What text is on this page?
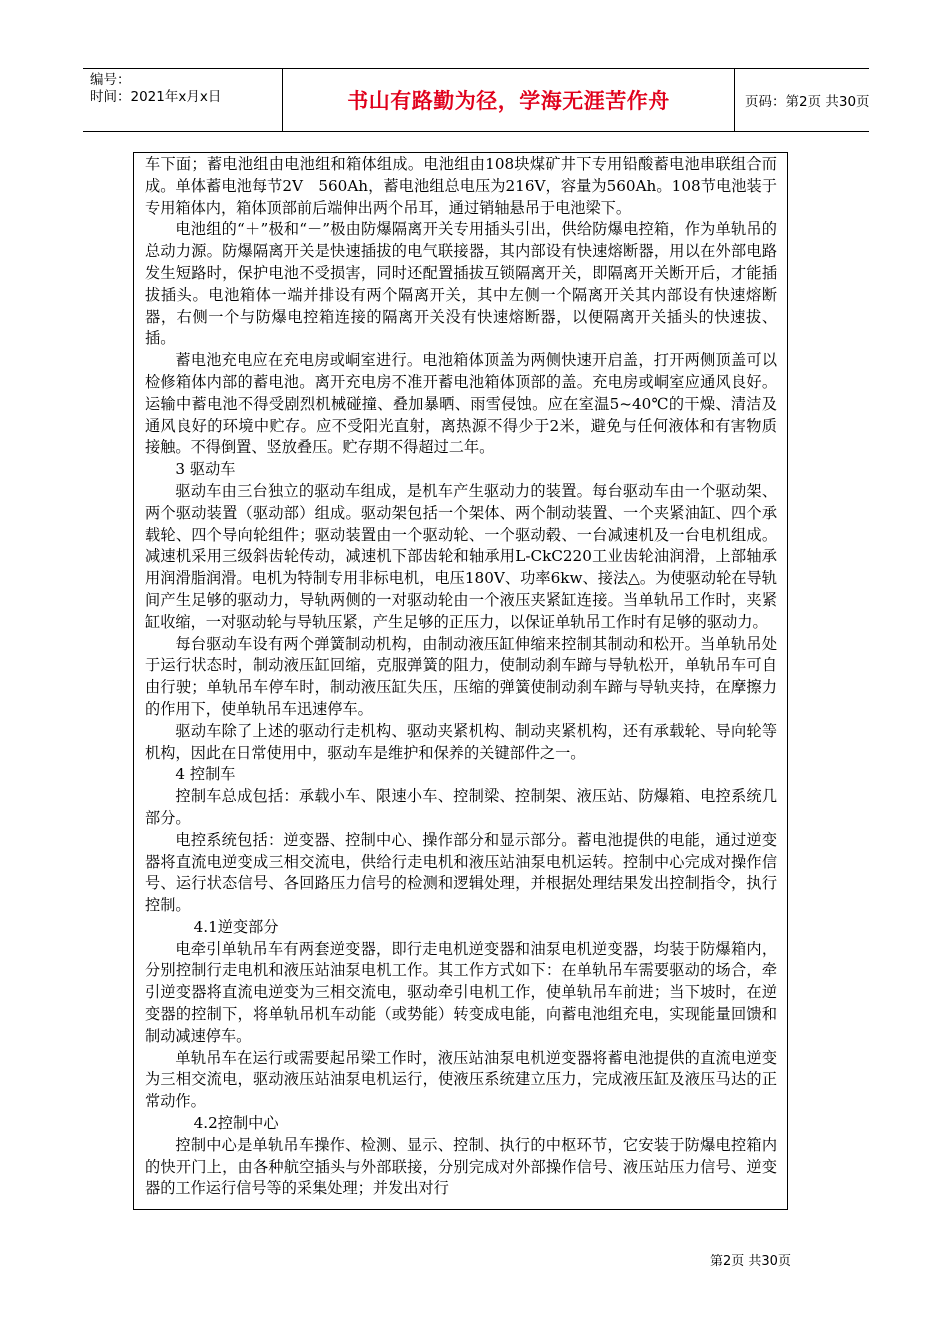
编号：
时间：2021年x月x日	书山有路勤为径，学海无涯苦作舟	页码：第2页 共30页

车下面；蓄电池组由电池组和箱体组成。电池组由108块煤矿井下专用铅酸蓄电池串联组合而成。单体蓄电池每节2V　560Ah，蓄电池组总电压为216V，容量为560Ah。108节电池装于专用箱体内，箱体顶部前后端伸出两个吊耳，通过销轴悬吊于电池梁下。

电池组的“＋”极和“－”极由防爆隔离开关专用插头引出，供给防爆电控箱，作为单轨吊的总动力源。防爆隔离开关是快速插拔的电气联接器，其内部设有快速熔断器，用以在外部电路发生短路时，保护电池不受损害，同时还配置插拔互锁隔离开关，即隔离开关断开后，才能插拔插头。电池箱体一端并排设有两个隔离开关，其中左侧一个隔离开关其内部设有快速熔断器，右侧一个与防爆电控箱连接的隔离开关没有快速熔断器，以便隔离开关插头的快速拔、插。

蓄电池充电应在充电房或峒室进行。电池箱体顶盖为两侧快速开启盖，打开两侧顶盖可以检修箱体内部的蓄电池。离开充电房不准开蓄电池箱体顶部的盖。充电房或峒室应通风良好。运输中蓄电池不得受剧烈机械碰撞、叠加暴晒、雨雪侵蚀。应在室温5~40℃的干燥、清洁及通风良好的环境中贮存。应不受阳光直射，离热源不得少于2米，避免与任何液体和有害物质接触。不得倒置、竖放叠压。贮存期不得超过二年。

3 驱动车

驱动车由三台独立的驱动车组成，是机车产生驱动力的装置。每台驱动车由一个驱动架、两个驱动装置（驱动部）组成。驱动架包括一个架体、两个制动装置、一个夹紧油缸、四个承载轮、四个导向轮组件；驱动装置由一个驱动轮、一个驱动毂、一台减速机及一台电机组成。减速机采用三级斜齿轮传动，减速机下部齿轮和轴承用L-CkC220工业齿轮油润滑，上部轴承用润滑脂润滑。电机为特制专用非标电机，电压180V、功率6kw、接法△。为使驱动轮在导轨间产生足够的驱动力，导轨两侧的一对驱动轮由一个液压夹紧缸连接。当单轨吊工作时，夹紧缸收缩，一对驱动轮与导轨压紧，产生足够的正压力，以保证单轨吊工作时有足够的驱动力。

每台驱动车设有两个弹簧制动机构，由制动液压缸伸缩来控制其制动和松开。当单轨吊处于运行状态时，制动液压缸回缩，克服弹簧的阻力，使制动刹车蹄与导轨松开，单轨吊车可自由行驶；单轨吊车停车时，制动液压缸失压，压缩的弹簧使制动刹车蹄与导轨夹持，在摩擦力的作用下，使单轨吊车迅速停车。

驱动车除了上述的驱动行走机构、驱动夹紧机构、制动夹紧机构，还有承载轮、导向轮等机构，因此在日常使用中，驱动车是维护和保养的关键部件之一。

4 控制车

控制车总成包括：承载小车、限速小车、控制梁、控制架、液压站、防爆箱、电控系统几部分。

电控系统包括：逆变器、控制中心、操作部分和显示部分。蓄电池提供的电能，通过逆变器将直流电逆变成三相交流电，供给行走电机和液压站油泵电机运转。控制中心完成对操作信号、运行状态信号、各回路压力信号的检测和逻辑处理，并根据处理结果发出控制指令，执行控制。

4.1逆变部分

电牵引单轨吊车有两套逆变器，即行走电机逆变器和油泵电机逆变器，均装于防爆箱内，分别控制行走电机和液压站油泵电机工作。其工作方式如下：在单轨吊车需要驱动的场合，牵引逆变器将直流电逆变为三相交流电，驱动牵引电机工作，使单轨吊车前进；当下坡时，在逆变器的控制下，将单轨吊机车动能（或势能）转变成电能，向蓄电池组充电，实现能量回馈和制动减速停车。

单轨吊车在运行或需要起吊梁工作时，液压站油泵电机逆变器将蓄电池提供的直流电逆变为三相交流电，驱动液压站油泵电机运行，使液压系统建立压力，完成液压缸及液压马达的正常动作。

4.2控制中心

控制中心是单轨吊车操作、检测、显示、控制、执行的中枢环节，它安装于防爆电控箱内的快开门上，由各种航空插头与外部联接，分别完成对外部操作信号、液压站压力信号、逆变器的工作运行信号等的采集处理；并发出对行

第2页 共30页
